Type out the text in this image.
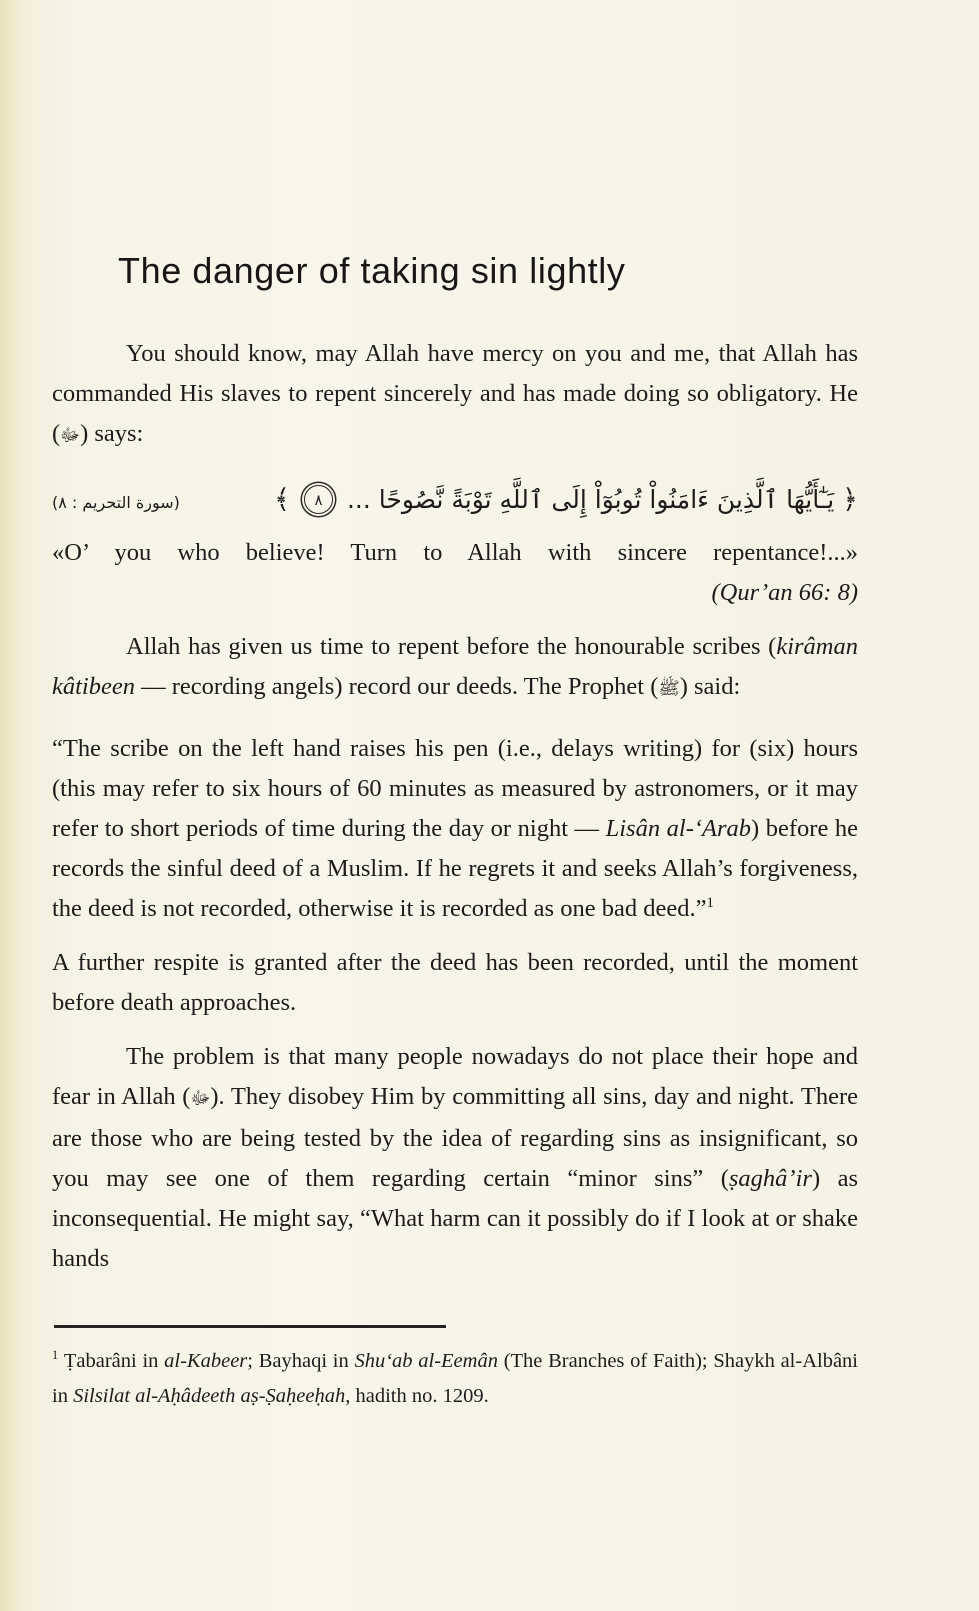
The danger of taking sin lightly

You should know, may Allah have mercy on you and me, that Allah has commanded His slaves to repent sincerely and has made doing so obligatory. He (ﷻ) says:

﴿
يَـٰٓأَيُّهَا ٱلَّذِينَ ءَامَنُواْ تُوبُوٓاْ إِلَى ٱللَّهِ تَوْبَةً نَّصُوحًا ...
٨
﴾
(سورة التحريم : ٨)

«O’ you who believe! Turn to Allah with sincere repentance!...»

(Qur’an 66: 8)

Allah has given us time to repent before the honourable scribes (kirâman kâtibeen — recording angels) record our deeds. The Prophet (ﷺ) said:

“The scribe on the left hand raises his pen (i.e., delays writing) for (six) hours (this may refer to six hours of 60 minutes as measured by astronomers, or it may refer to short periods of time during the day or night — Lisân al-‘Arab) before he records the sinful deed of a Muslim. If he regrets it and seeks Allah’s forgiveness, the deed is not recorded, otherwise it is recorded as one bad deed.”$^1$

A further respite is granted after the deed has been recorded, until the moment before death approaches.

The problem is that many people nowadays do not place their hope and fear in Allah (ﷻ). They disobey Him by committing all sins, day and night. There are those who are being tested by the idea of regarding sins as insignificant, so you may see one of them regarding certain “minor sins” (ṣaghâ’ir) as inconsequential. He might say, “What harm can it possibly do if I look at or shake hands

$^1$ Ṭabarâni in al-Kabeer; Bayhaqi in Shu‘ab al-Eemân (The Branches of Faith); Shaykh al-Albâni in Silsilat al-Aḥâdeeth aṣ-Ṣaḥeeḥah, hadith no. 1209.
